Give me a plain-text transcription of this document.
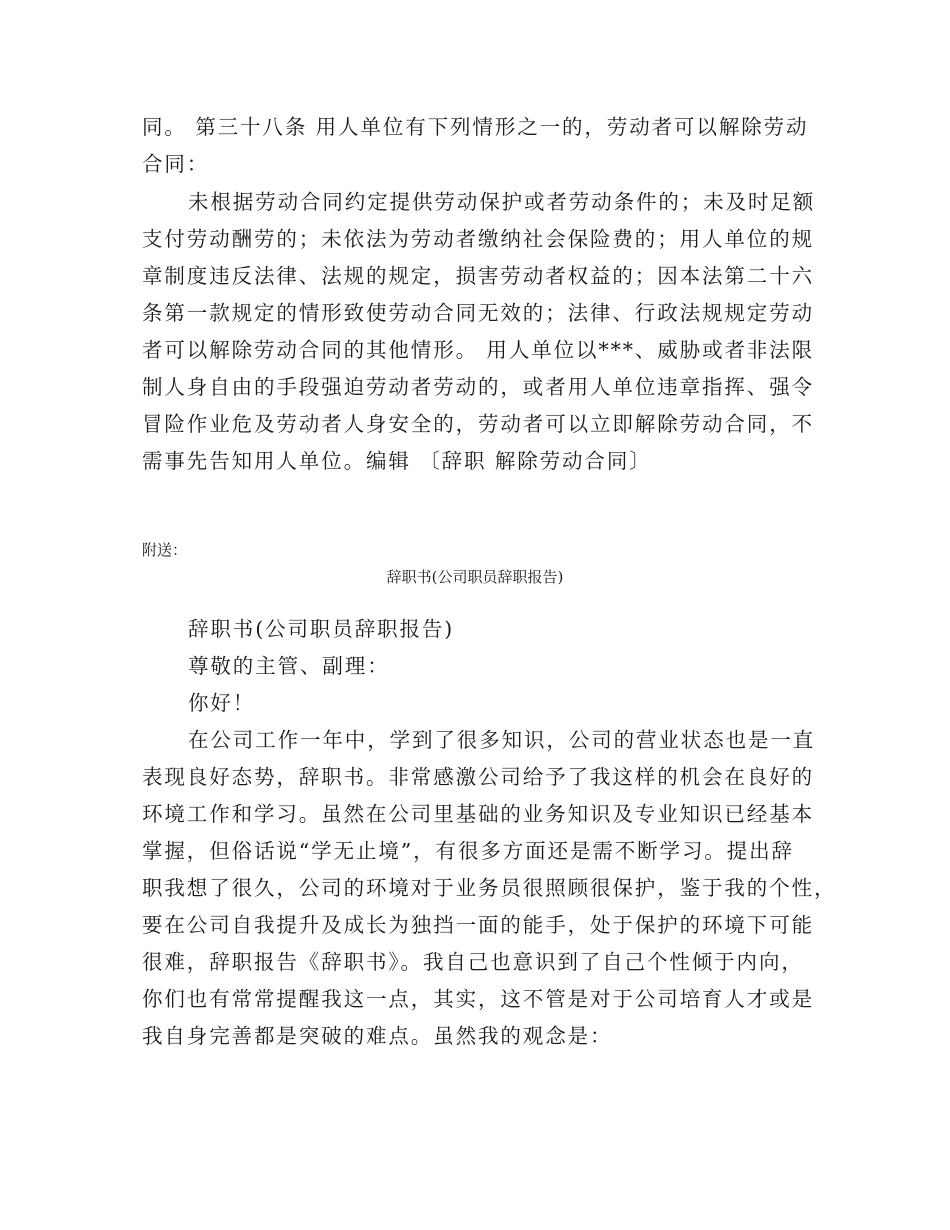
同。 第三十八条 用人单位有下列情形之一的，劳动者可以解除劳动
合同：
未根据劳动合同约定提供劳动保护或者劳动条件的；未及时足额
支付劳动酬劳的；未依法为劳动者缴纳社会保险费的；用人单位的规
章制度违反法律、法规的规定，损害劳动者权益的；因本法第二十六
条第一款规定的情形致使劳动合同无效的；法律、行政法规规定劳动
者可以解除劳动合同的其他情形。 用人单位以***、威胁或者非法限
制人身自由的手段强迫劳动者劳动的，或者用人单位违章指挥、强令
冒险作业危及劳动者人身安全的，劳动者可以立即解除劳动合同，不
需事先告知用人单位。编辑 〔辞职 解除劳动合同〕
附送：
辞职书(公司职员辞职报告)
辞职书(公司职员辞职报告)
尊敬的主管、副理：
你好！
在公司工作一年中，学到了很多知识，公司的营业状态也是一直
表现良好态势，辞职书。非常感激公司给予了我这样的机会在良好的
环境工作和学习。虽然在公司里基础的业务知识及专业知识已经基本
掌握，但俗话说“学无止境”，有很多方面还是需不断学习。提出辞
职我想了很久，公司的环境对于业务员很照顾很保护，鉴于我的个性，
要在公司自我提升及成长为独挡一面的能手，处于保护的环境下可能
很难，辞职报告《辞职书》。我自己也意识到了自己个性倾于内向，
你们也有常常提醒我这一点，其实，这不管是对于公司培育人才或是
我自身完善都是突破的难点。虽然我的观念是：
